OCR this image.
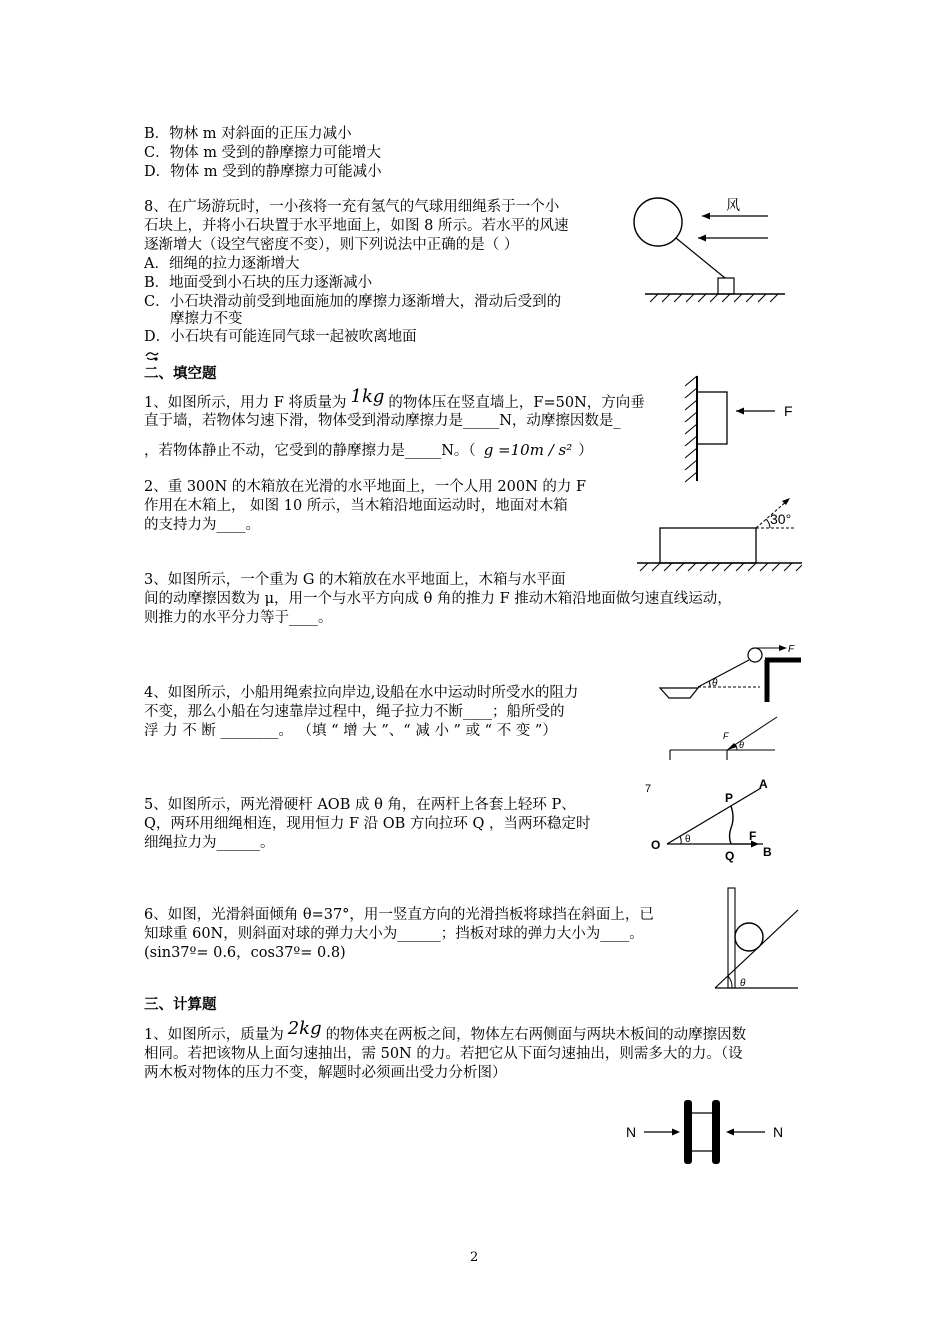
B．物林 m 对斜面的正压力减小
C．物体 m 受到的静摩擦力可能增大
D．物体 m 受到的静摩擦力可能减小
8、在广场游玩时，一小孩将一充有氢气的气球用细绳系于一个小
石块上，并将小石块置于水平地面上，如图 8 所示。若水平的风速
逐渐增大（设空气密度不变），则下列说法中正确的是（ ）
A．细绳的拉力逐渐增大
B．地面受到小石块的压力逐渐减小
C．小石块滑动前受到地面施加的摩擦力逐渐增大，滑动后受到的
摩擦力不变
D．小石块有可能连同气球一起被吹离地面
风
二、填空题
1、如图所示，用力 F 将质量为 1kg 的物体压在竖直墙上，F=50N，方向垂
直于墙，若物体匀速下滑，物体受到滑动摩擦力是_____N，动摩擦因数是_
，若物体静止不动，它受到的静摩擦力是_____N。（ g =10m / s² ）
F
2、重 300N 的木箱放在光滑的水平地面上，一个人用 200N 的力 F
作用在木箱上， 如图 10 所示，当木箱沿地面运动时，地面对木箱
的支持力为____。	30°
3、如图所示，一个重为 G 的木箱放在水平地面上，木箱与水平面
间的动摩擦因数为 μ，用一个与水平方向成 θ 角的推力 F 推动木箱沿地面做匀速直线运动，
则推力的水平分力等于____。
4、如图所示，小船用绳索拉向岸边,设船在水中运动时所受水的阻力
不变，那么小船在匀速靠岸过程中，绳子拉力不断____；船所受的
浮 力 不 断 ________。 （填 “ 增 大 ”、“ 减 小 ” 或 “ 不 变 ”）
F
θ
F
θ
5、如图所示，两光滑硬杆 AOB 成 θ 角，在两杆上各套上轻环 P、
Q，两环用细绳相连，现用恒力 F 沿 OB 方向拉环 Q ，当两环稳定时
细绳拉力为______。
7
O θ
P
A
F
Q B
6、如图，光滑斜面倾角 θ=37°，用一竖直方向的光滑挡板将球挡在斜面上，已
知球重 60N，则斜面对球的弹力大小为______；挡板对球的弹力大小为____。
(sin37º= 0.6，cos37º= 0.8)
θ
三、计算题
1、如图所示，质量为 2kg 的物体夹在两板之间，物体左右两侧面与两块木板间的动摩擦因数
相同。若把该物从上面匀速抽出，需 50N 的力。若把它从下面匀速抽出，则需多大的力。（设
两木板对物体的压力不变，解题时必须画出受力分析图）
N	N
2
